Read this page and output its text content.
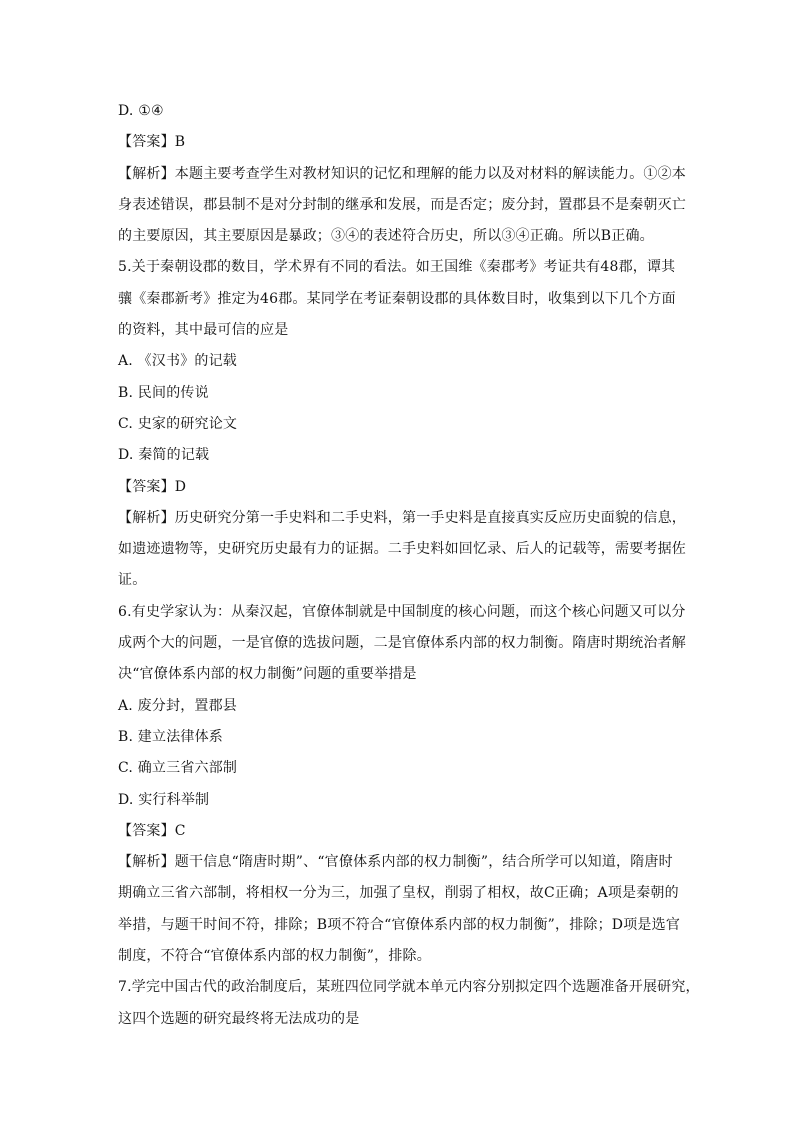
D. ①④
【答案】B
【解析】本题主要考查学生对教材知识的记忆和理解的能力以及对材料的解读能力。①②本
身表述错误，郡县制不是对分封制的继承和发展，而是否定；废分封，置郡县不是秦朝灭亡
的主要原因，其主要原因是暴政；③④的表述符合历史，所以③④正确。所以B正确。
5.关于秦朝设郡的数目，学术界有不同的看法。如王国维《秦郡考》考证共有48郡，谭其
骧《秦郡新考》推定为46郡。某同学在考证秦朝设郡的具体数目时，收集到以下几个方面
的资料，其中最可信的应是
A. 《汉书》的记载
B. 民间的传说
C. 史家的研究论文
D. 秦简的记载
【答案】D
【解析】历史研究分第一手史料和二手史料，第一手史料是直接真实反应历史面貌的信息，
如遗迹遗物等，史研究历史最有力的证据。二手史料如回忆录、后人的记载等，需要考据佐
证。
6.有史学家认为：从秦汉起，官僚体制就是中国制度的核心问题，而这个核心问题又可以分
成两个大的问题，一是官僚的选拔问题，二是官僚体系内部的权力制衡。隋唐时期统治者解
决“官僚体系内部的权力制衡”问题的重要举措是
A. 废分封，置郡县
B. 建立法律体系
C. 确立三省六部制
D. 实行科举制
【答案】C
【解析】题干信息“隋唐时期”、“官僚体系内部的权力制衡”，结合所学可以知道，隋唐时
期确立三省六部制，将相权一分为三，加强了皇权，削弱了相权，故C正确；A项是秦朝的
举措，与题干时间不符，排除；B项不符合“官僚体系内部的权力制衡”，排除；D项是选官
制度，不符合“官僚体系内部的权力制衡”，排除。
7.学完中国古代的政治制度后，某班四位同学就本单元内容分别拟定四个选题准备开展研究，
这四个选题的研究最终将无法成功的是
